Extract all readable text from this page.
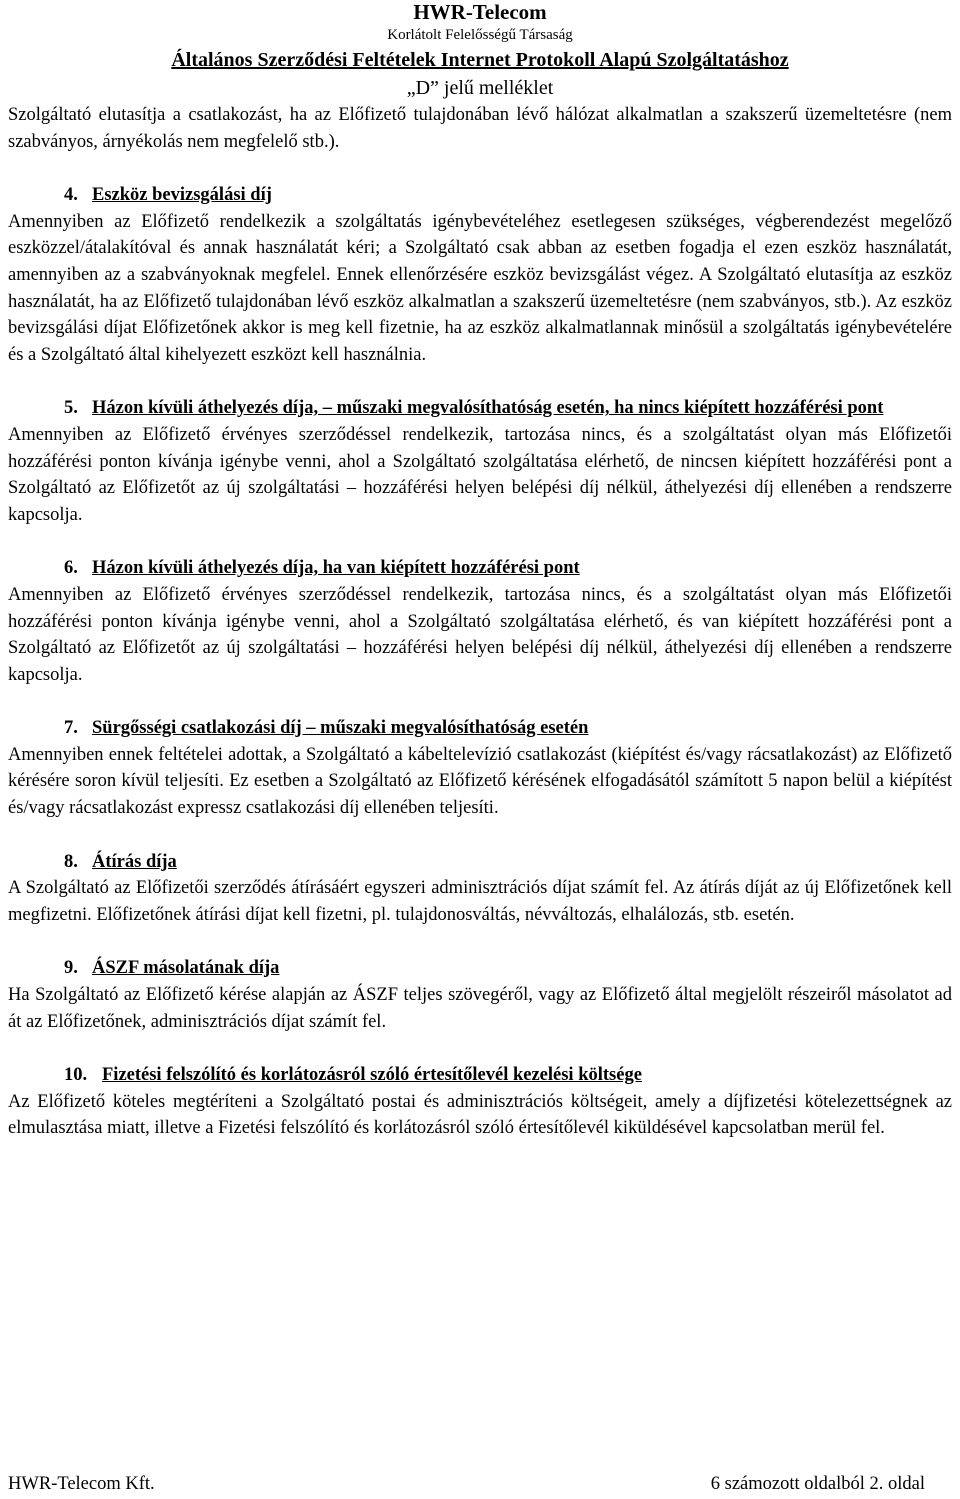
HWR-Telecom
Korlátolt Felelősségű Társaság
Általános Szerződési Feltételek Internet Protokoll Alapú Szolgáltatáshoz
„D” jelű melléklet

Szolgáltató elutasítja a csatlakozást, ha az Előfizető tulajdonában lévő hálózat alkalmatlan a szakszerű üzemeltetésre (nem szabványos, árnyékolás nem megfelelő stb.).

4. Eszköz bevizsgálási díj

Amennyiben az Előfizető rendelkezik a szolgáltatás igénybevételéhez esetlegesen szükséges, végberendezést megelőző eszközzel/átalakítóval és annak használatát kéri; a Szolgáltató csak abban az esetben fogadja el ezen eszköz használatát, amennyiben az a szabványoknak megfelel. Ennek ellenőrzésére eszköz bevizsgálást végez. A Szolgáltató elutasítja az eszköz használatát, ha az Előfizető tulajdonában lévő eszköz alkalmatlan a szakszerű üzemeltetésre (nem szabványos, stb.). Az eszköz bevizsgálási díjat Előfizetőnek akkor is meg kell fizetnie, ha az eszköz alkalmatlannak minősül a szolgáltatás igénybevételére és a Szolgáltató által kihelyezett eszközt kell használnia.

5. Házon kívüli áthelyezés díja, – műszaki megvalósíthatóság esetén, ha nincs kiépített hozzáférési pont

Amennyiben az Előfizető érvényes szerződéssel rendelkezik, tartozása nincs, és a szolgáltatást olyan más Előfizetői hozzáférési ponton kívánja igénybe venni, ahol a Szolgáltató szolgáltatása elérhető, de nincsen kiépített hozzáférési pont a Szolgáltató az Előfizetőt az új szolgáltatási – hozzáférési helyen belépési díj nélkül, áthelyezési díj ellenében a rendszerre kapcsolja.

6. Házon kívüli áthelyezés díja, ha van kiépített hozzáférési pont

Amennyiben az Előfizető érvényes szerződéssel rendelkezik, tartozása nincs, és a szolgáltatást olyan más Előfizetői hozzáférési ponton kívánja igénybe venni, ahol a Szolgáltató szolgáltatása elérhető, és van kiépített hozzáférési pont a Szolgáltató az Előfizetőt az új szolgáltatási – hozzáférési helyen belépési díj nélkül, áthelyezési díj ellenében a rendszerre kapcsolja.

7. Sürgősségi csatlakozási díj – műszaki megvalósíthatóság esetén

Amennyiben ennek feltételei adottak, a Szolgáltató a kábeltelevízió csatlakozást (kiépítést és/vagy rácsatlakozást) az Előfizető kérésére soron kívül teljesíti. Ez esetben a Szolgáltató az Előfizető kérésének elfogadásától számított 5 napon belül a kiépítést és/vagy rácsatlakozást expressz csatlakozási díj ellenében teljesíti.

8. Átírás díja

A Szolgáltató az Előfizetői szerződés átírásáért egyszeri adminisztrációs díjat számít fel. Az átírás díját az új Előfizetőnek kell megfizetni. Előfizetőnek átírási díjat kell fizetni, pl. tulajdonosváltás, névváltozás, elhalálozás, stb. esetén.

9. ÁSZF másolatának díja

Ha Szolgáltató az Előfizető kérése alapján az ÁSZF teljes szövegéről, vagy az Előfizető által megjelölt részeiről másolatot ad át az Előfizetőnek, adminisztrációs díjat számít fel.

10. Fizetési felszólító és korlátozásról szóló értesítőlevél kezelési költsége

Az Előfizető köteles megtéríteni a Szolgáltató postai és adminisztrációs költségeit, amely a díjfizetési kötelezettségnek az elmulasztása miatt, illetve a Fizetési felszólító és korlátozásról szóló értesítőlevél kiküldésével kapcsolatban merül fel.

HWR-Telecom Kft.	6 számozott oldalból 2. oldal
